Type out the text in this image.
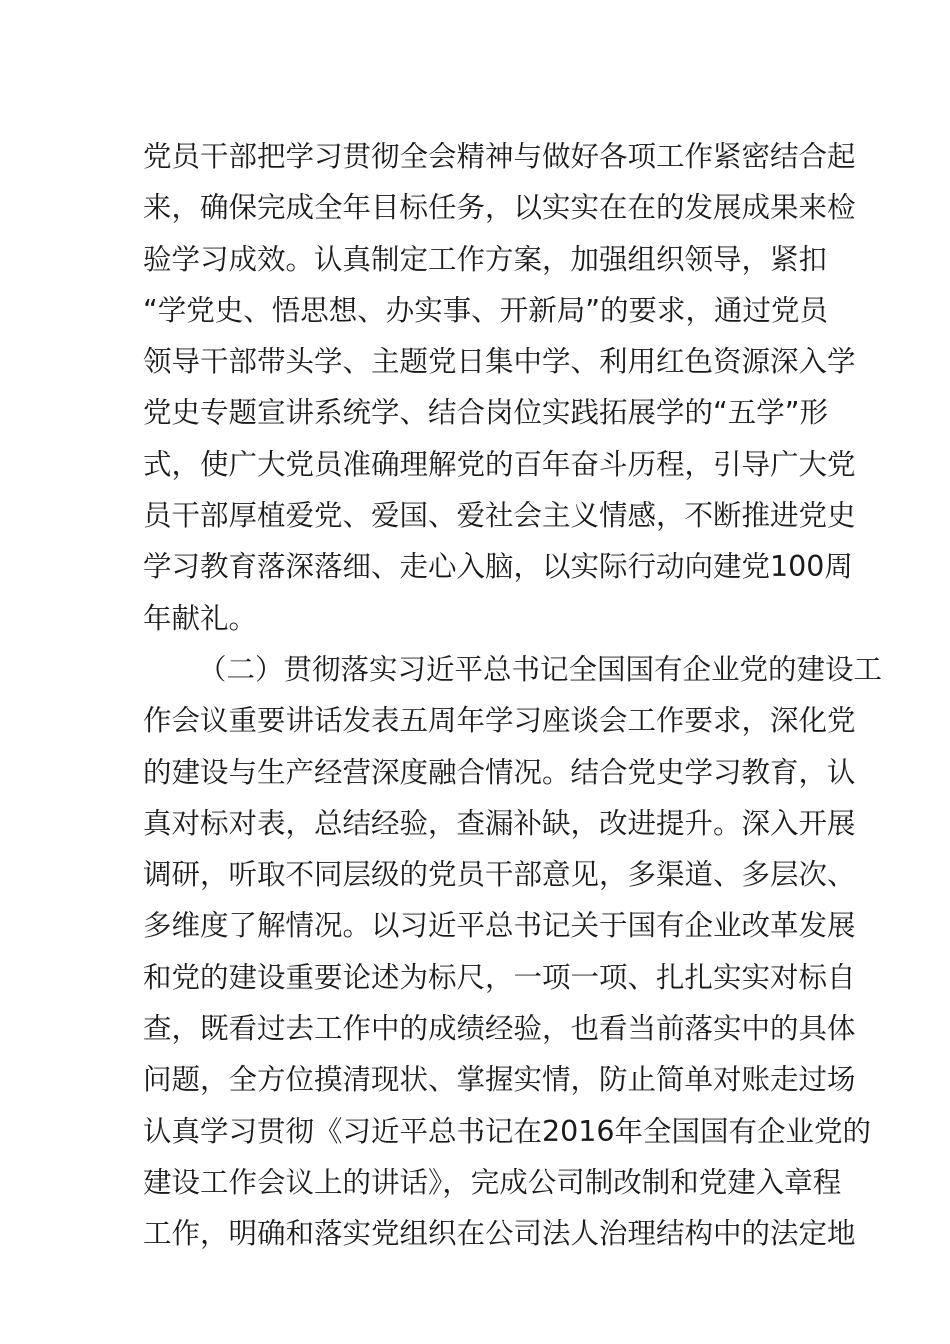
党员干部把学习贯彻全会精神与做好各项工作紧密结合起
来，确保完成全年目标任务，以实实在在的发展成果来检
验学习成效。认真制定工作方案，加强组织领导，紧扣
“学党史、悟思想、办实事、开新局”的要求，通过党员
领导干部带头学、主题党日集中学、利用红色资源深入学
党史专题宣讲系统学、结合岗位实践拓展学的“五学”形
式，使广大党员准确理解党的百年奋斗历程，引导广大党
员干部厚植爱党、爱国、爱社会主义情感，不断推进党史
学习教育落深落细、走心入脑，以实际行动向建党100周
年献礼。
（二）贯彻落实习近平总书记全国国有企业党的建设工
作会议重要讲话发表五周年学习座谈会工作要求，深化党
的建设与生产经营深度融合情况。结合党史学习教育，认
真对标对表，总结经验，查漏补缺，改进提升。深入开展
调研，听取不同层级的党员干部意见，多渠道、多层次、
多维度了解情况。以习近平总书记关于国有企业改革发展
和党的建设重要论述为标尺，一项一项、扎扎实实对标自
查，既看过去工作中的成绩经验，也看当前落实中的具体
问题，全方位摸清现状、掌握实情，防止简单对账走过场
认真学习贯彻《习近平总书记在2016年全国国有企业党的
建设工作会议上的讲话》，完成公司制改制和党建入章程
工作，明确和落实党组织在公司法人治理结构中的法定地
